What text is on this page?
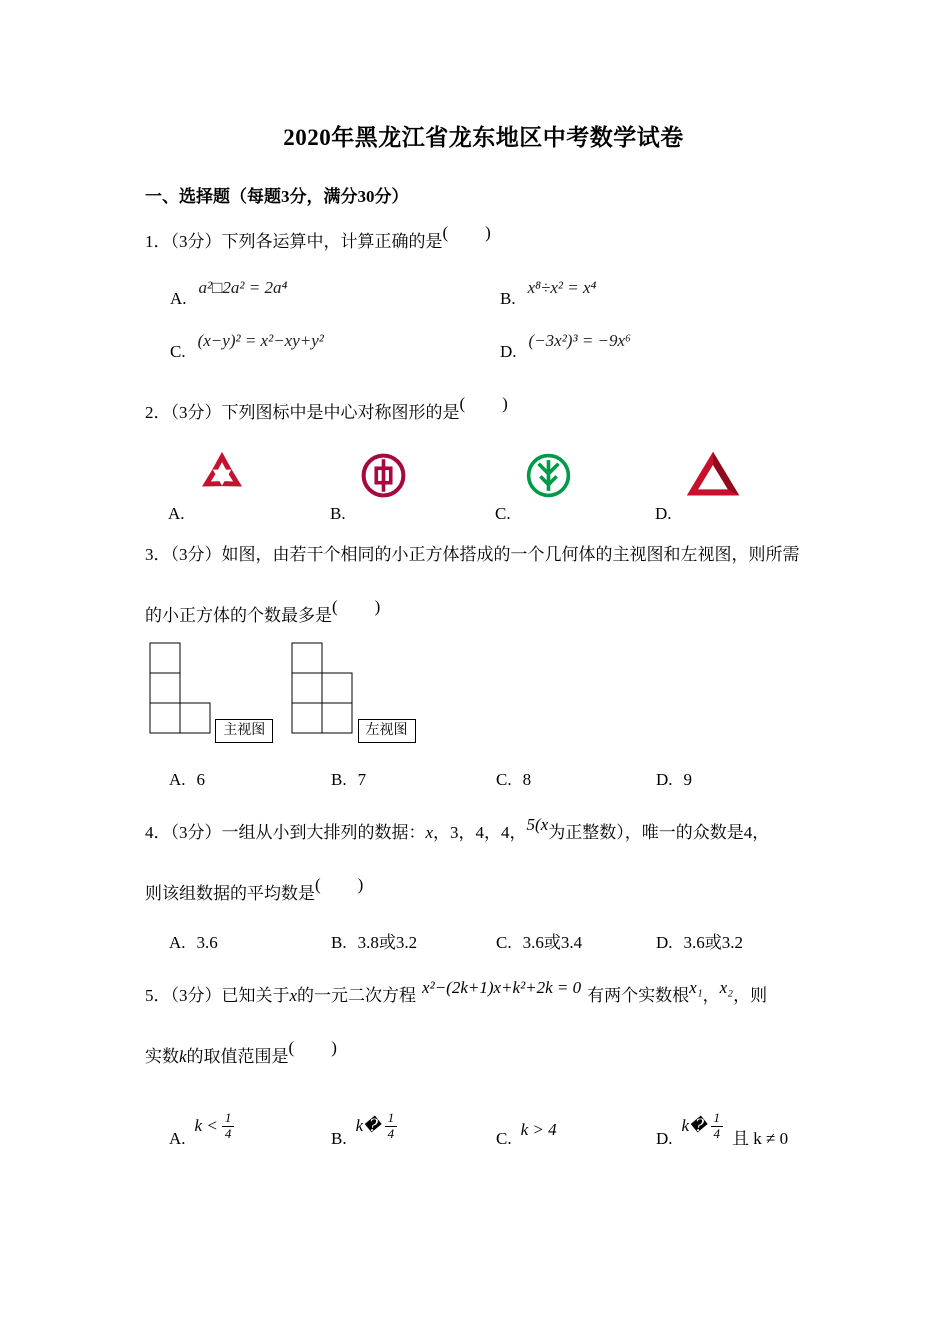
2020年黑龙江省龙东地区中考数学试卷
一、选择题（每题3分，满分30分）
1．（3分）下列各运算中，计算正确的是(　　)
A.a²□2a² = 2a⁴
B.x⁸÷x² = x⁴
C.(x−y)² = x²−xy+y²
D.(−3x²)³ = −9x⁶
2．（3分）下列图标中是中心对称图形的是(　　)
A.	B.	C.	D.
3．（3分）如图，由若干个相同的小正方体搭成的一个几何体的主视图和左视图，则所需
的小正方体的个数最多是(　　)
主视图	左视图
A. 6	B. 7	C. 8	D. 9
4．（3分）一组从小到大排列的数据：x，3，4，4，5(x为正整数），唯一的众数是4，
则该组数据的平均数是(　　)
A. 3.6	B. 3.8或3.2	C. 3.6或3.4	D. 3.6或3.2
5．（3分）已知关于x的一元二次方程 x²−(2k+1)x+k²+2k = 0 有两个实数根x₁，x₂，则
实数k的取值范围是(　　)
A.
$k < \frac{1}{4}$	B.
k� $\frac{1}{4}$	C. k > 4	D.
k� $\frac{1}{4}$ 且 k ≠ 0
